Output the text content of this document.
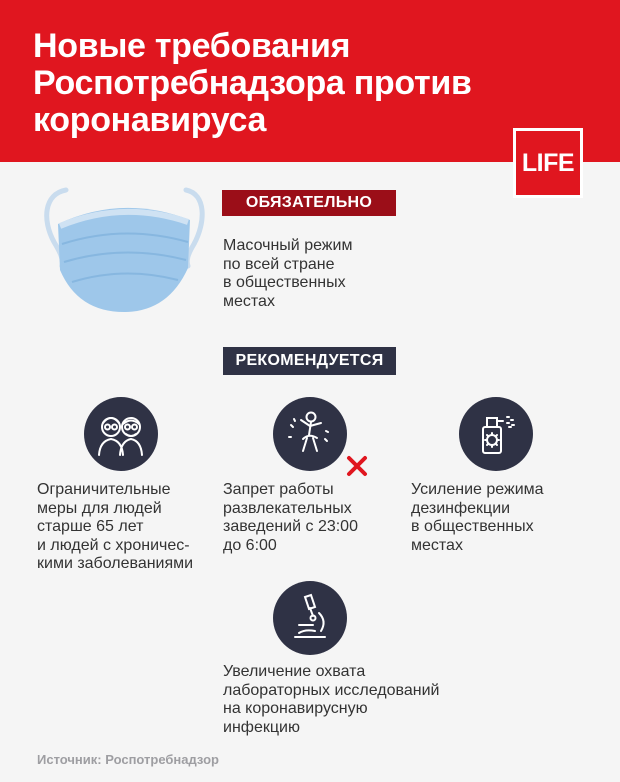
Новые требования Роспотребнадзора против коронавируса
LIFE
ОБЯЗАТЕЛЬНО

Масочный режим
по всей стране
в общественных
местах

РЕКОМЕНДУЕТСЯ

Ограничительные
меры для людей
старше 65 лет
и людей с хроничес-
кими заболеваниями

Запрет работы
развлекательных
заведений с 23:00
до 6:00

Усиление режима
дезинфекции
в общественных
местах

Увеличение охвата
лабораторных исследований
на коронавирусную
инфекцию

Источник: Роспотребнадзор
